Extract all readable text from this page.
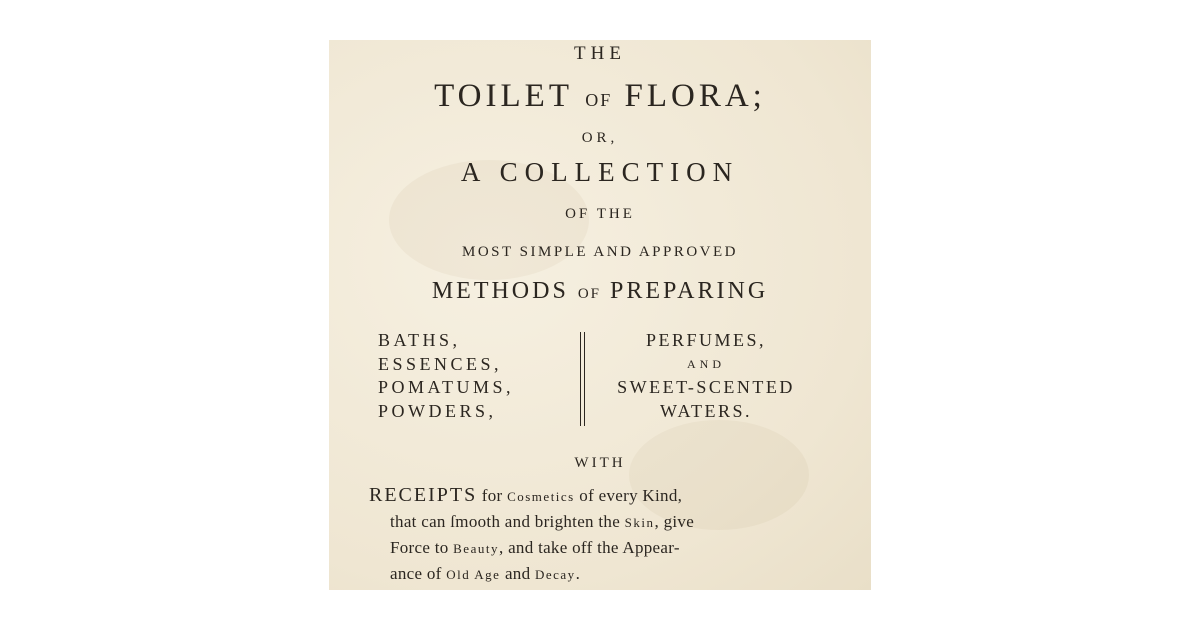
THE

TOILET OF FLORA;

OR,

A COLLECTION

OF THE

MOST SIMPLE AND APPROVED

METHODS OF PREPARING

BATHS,
ESSENCES,
POMATUMS,
POWDERS,
PERFUMES,
AND
SWEET-SCENTED
WATERS.

WITH

RECEIPTS for Cosmetics of every Kind,
that can ſmooth and brighten the Skin, give
Force to Beauty, and take off the Appear-
ance of Old Age and Decay.
